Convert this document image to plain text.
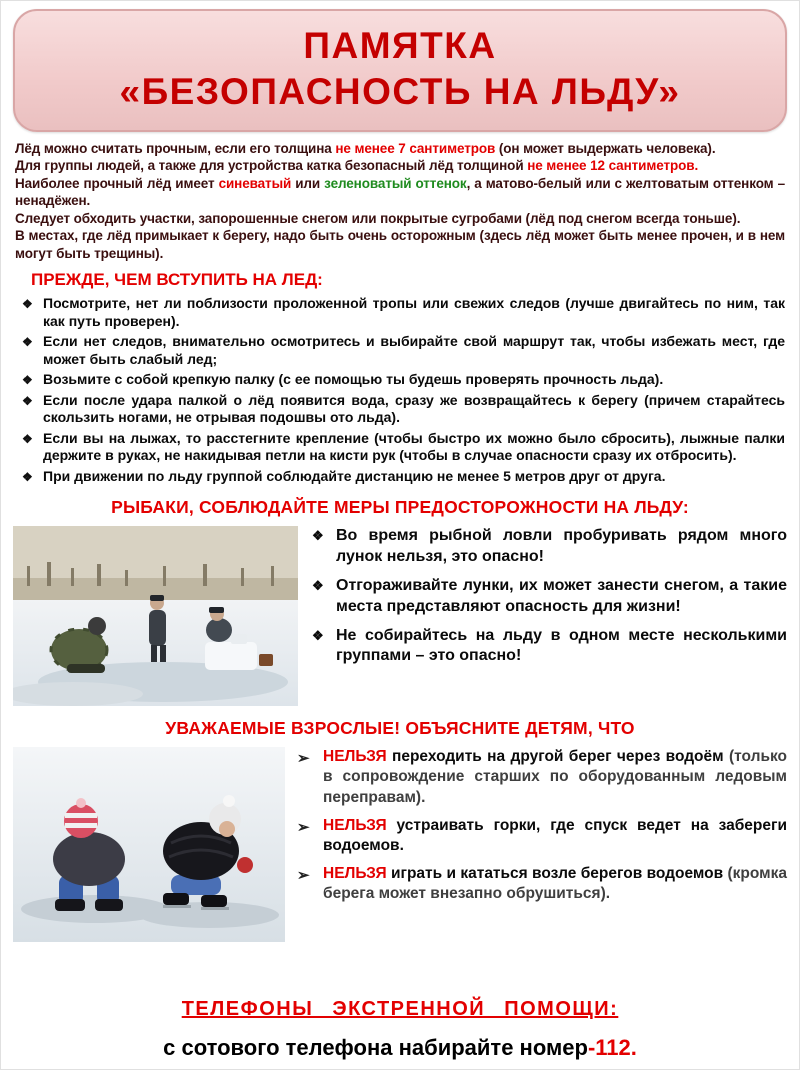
ПАМЯТКА
«БЕЗОПАСНОСТЬ НА ЛЬДУ»

Лёд можно считать прочным, если его толщина не менее 7 сантиметров (он может выдержать человека).

Для группы людей, а также для устройства катка безопасный лёд толщиной не менее 12 сантиметров.

Наиболее прочный лёд имеет синеватый или зеленоватый оттенок, а матово-белый или с желтоватым оттенком – ненадёжен.

Следует обходить участки, запорошенные снегом или покрытые сугробами (лёд под снегом всегда тоньше).

В местах, где лёд примыкает к берегу, надо быть очень осторожным (здесь лёд может быть менее прочен, и в нем могут быть трещины).

ПРЕЖДЕ, ЧЕМ ВСТУПИТЬ НА ЛЕД:
❖ Посмотрите, нет ли поблизости проложенной тропы или свежих следов (лучше двигайтесь по ним, так как путь проверен).
❖ Если нет следов, внимательно осмотритесь и выбирайте свой маршрут так, чтобы избежать мест, где может быть слабый лед;
❖ Возьмите с собой крепкую палку (с ее помощью ты будешь проверять прочность льда).
❖ Если после удара палкой о лёд появится вода, сразу же возвращайтесь к берегу (причем старайтесь скользить ногами, не отрывая подошвы ото льда).
❖ Если вы на лыжах, то расстегните крепление (чтобы быстро их можно было сбросить), лыжные палки держите в руках, не накидывая петли на кисти рук (чтобы в случае опасности сразу их отбросить).
❖ При движении по льду группой соблюдайте дистанцию не менее 5 метров друг от друга.
РЫБАКИ, СОБЛЮДАЙТЕ МЕРЫ ПРЕДОСТОРОЖНОСТИ НА ЛЬДУ:
❖ Во время рыбной ловли пробуривать рядом много лунок нельзя, это опасно!
❖ Отгораживайте лунки, их может занести снегом, а такие места представляют опасность для жизни!
❖ Не собирайтесь на льду в одном месте несколькими группами – это опасно!
УВАЖАЕМЫЕ ВЗРОСЛЫЕ! ОБЪЯСНИТЕ ДЕТЯМ, ЧТО
➢ НЕЛЬЗЯ переходить на другой берег через водоём (только в сопровождение старших по оборудованным ледовым переправам).
➢ НЕЛЬЗЯ устраивать горки, где спуск ведет на забереги водоемов.
➢ НЕЛЬЗЯ играть и кататься возле берегов водоемов (кромка берега может внезапно обрушиться).
ТЕЛЕФОНЫ ЭКСТРЕННОЙ ПОМОЩИ:
с сотового телефона набирайте номер-112.
